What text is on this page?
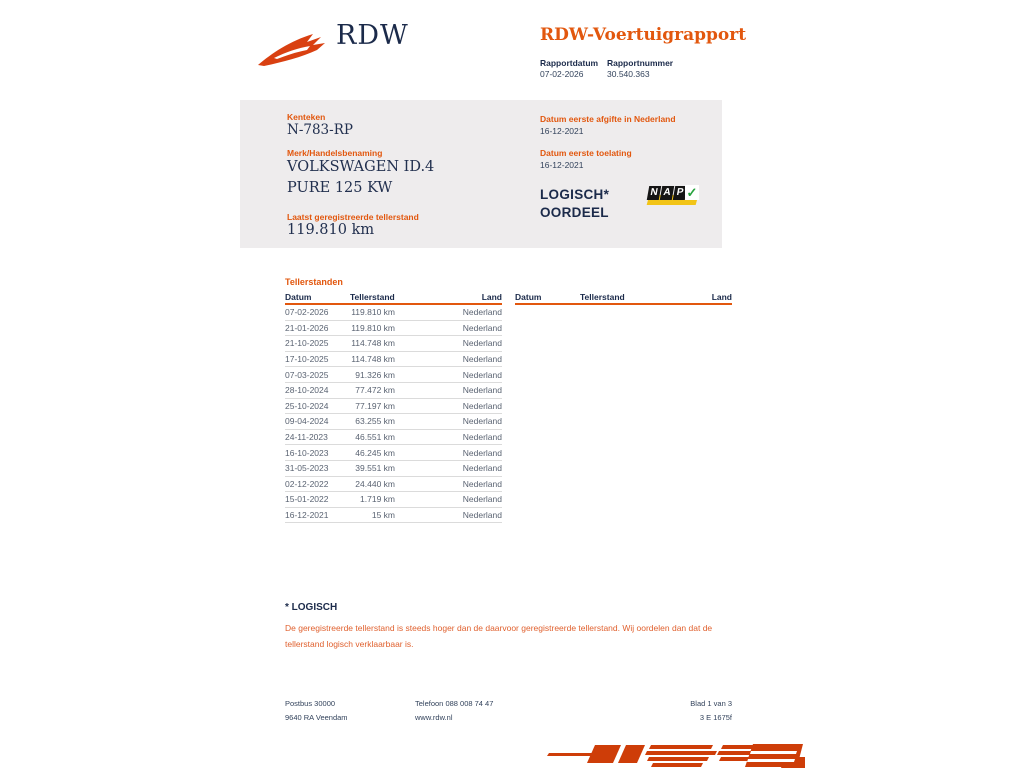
RDW	RDW-Voertuigrapport
Rapportdatum Rapportnummer
07-02-2026	30.540.363
Kenteken
N-783-RP
Merk/Handelsbenaming
VOLKSWAGEN ID.4
PURE 125 KW
Laatst geregistreerde tellerstand
119.810 km
Datum eerste afgifte in Nederland
16-12-2021
Datum eerste toelating
16-12-2021
LOGISCH*
OORDEEL
N A P ✓
Tellerstanden
Datum	Tellerstand	Land
07-02-2026	119.810 km	Nederland
21-01-2026	119.810 km	Nederland
21-10-2025	114.748 km	Nederland
17-10-2025	114.748 km	Nederland
07-03-2025	91.326 km	Nederland
28-10-2024	77.472 km	Nederland
25-10-2024	77.197 km	Nederland
09-04-2024	63.255 km	Nederland
24-11-2023	46.551 km	Nederland
16-10-2023	46.245 km	Nederland
31-05-2023	39.551 km	Nederland
02-12-2022	24.440 km	Nederland
15-01-2022	1.719 km	Nederland
16-12-2021	15 km	Nederland
Datum	Tellerstand	Land
* LOGISCH
De geregistreerde tellerstand is steeds hoger dan de daarvoor geregistreerde tellerstand. Wij oordelen dan dat de tellerstand logisch verklaarbaar is.
Postbus 30000
9640 RA Veendam
Telefoon 088 008 74 47
www.rdw.nl
Blad 1 van 3
3 E 1675f
